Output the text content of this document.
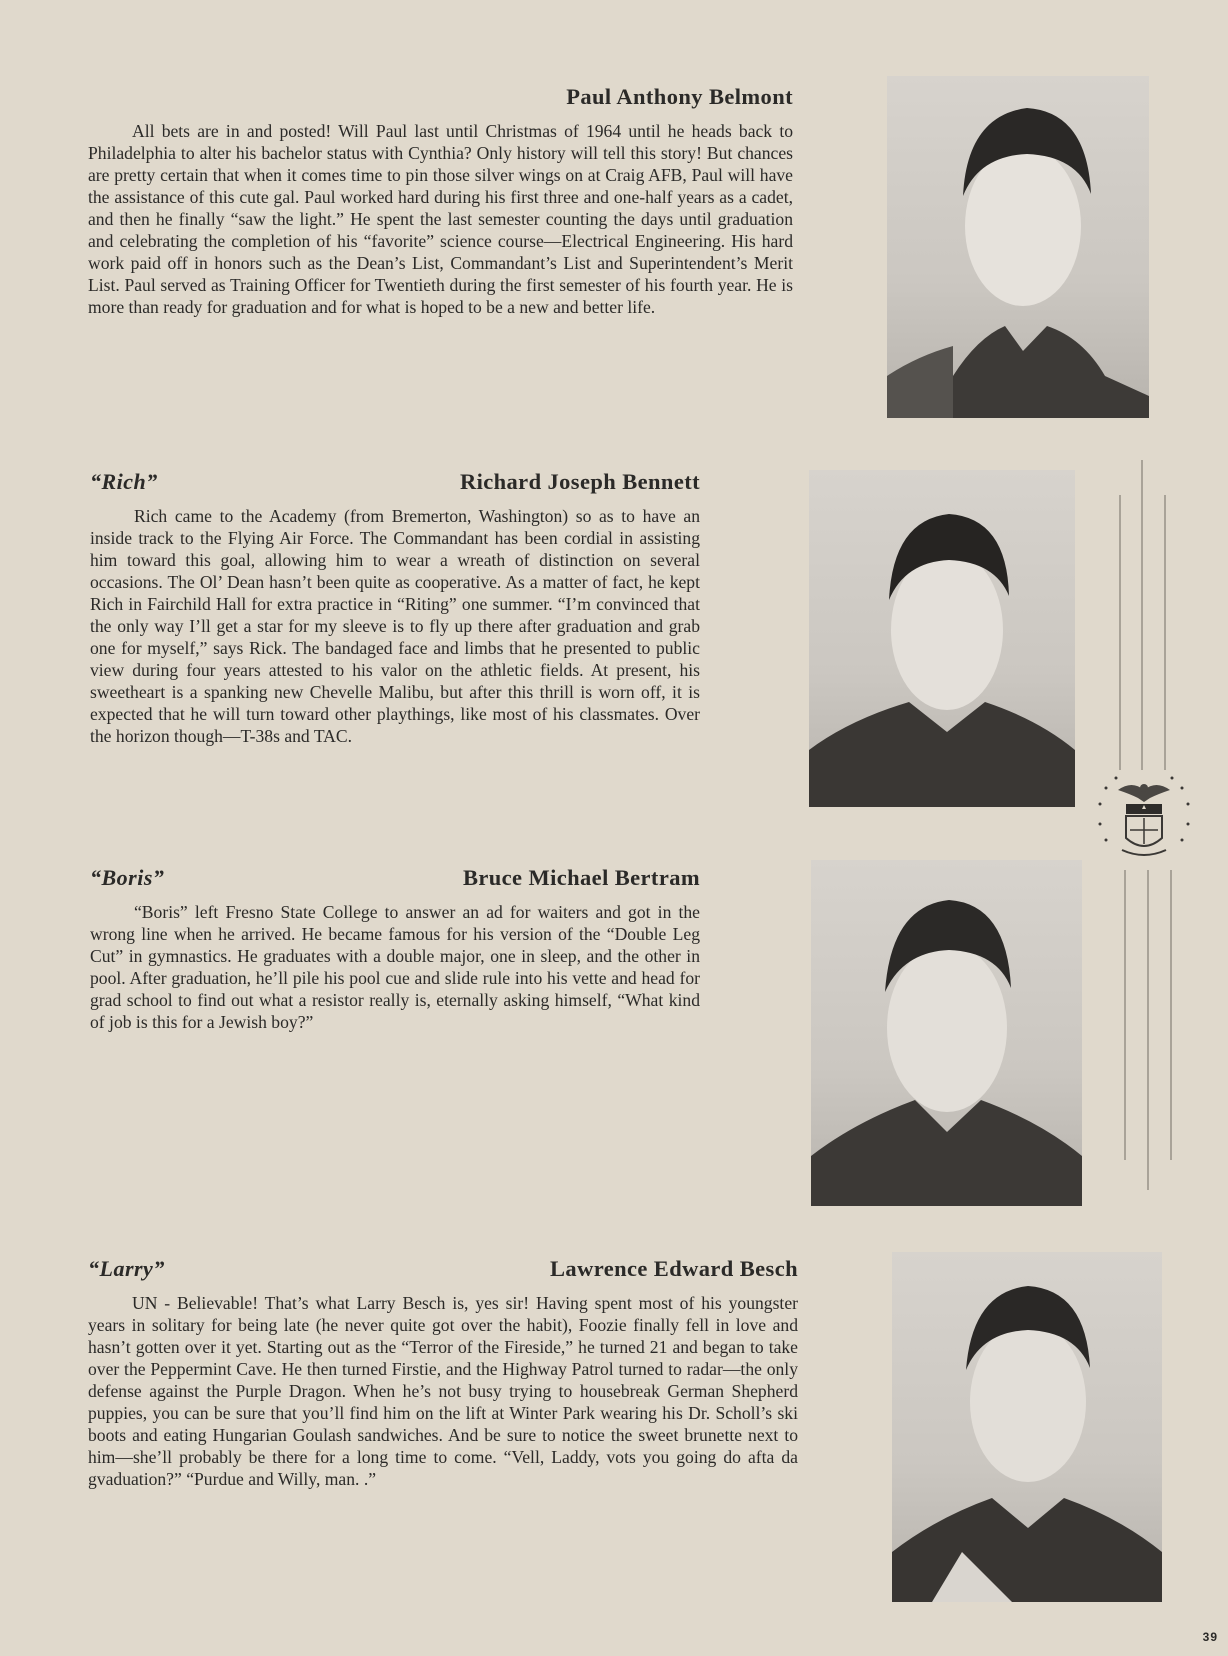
Paul Anthony Belmont

All bets are in and posted! Will Paul last until Christmas of 1964 until he heads back to Philadelphia to alter his bachelor status with Cynthia? Only history will tell this story! But chances are pretty certain that when it comes time to pin those silver wings on at Craig AFB, Paul will have the assistance of this cute gal. Paul worked hard during his first three and one-half years as a cadet, and then he finally “saw the light.” He spent the last semester counting the days until graduation and celebrating the completion of his “favorite” science course—Electrical Engineering. His hard work paid off in honors such as the Dean’s List, Commandant’s List and Superintendent’s Merit List. Paul served as Training Officer for Twentieth during the first semester of his fourth year. He is more than ready for graduation and for what is hoped to be a new and better life.

“Rich”	Richard Joseph Bennett

Rich came to the Academy (from Bremerton, Washington) so as to have an inside track to the Flying Air Force. The Commandant has been cordial in assisting him toward this goal, allowing him to wear a wreath of distinction on several occasions. The Ol’ Dean hasn’t been quite as cooperative. As a matter of fact, he kept Rich in Fairchild Hall for extra practice in “Riting” one summer. “I’m convinced that the only way I’ll get a star for my sleeve is to fly up there after graduation and grab one for myself,” says Rick. The bandaged face and limbs that he presented to public view during four years attested to his valor on the athletic fields. At present, his sweetheart is a spanking new Chevelle Malibu, but after this thrill is worn off, it is expected that he will turn toward other playthings, like most of his classmates. Over the horizon though—T-38s and TAC.

“Boris”	Bruce Michael Bertram

“Boris” left Fresno State College to answer an ad for waiters and got in the wrong line when he arrived. He became famous for his version of the “Double Leg Cut” in gymnastics. He graduates with a double major, one in sleep, and the other in pool. After graduation, he’ll pile his pool cue and slide rule into his vette and head for grad school to find out what a resistor really is, eternally asking himself, “What kind of job is this for a Jewish boy?”

“Larry”	Lawrence Edward Besch

UN - Believable! That’s what Larry Besch is, yes sir! Having spent most of his youngster years in solitary for being late (he never quite got over the habit), Foozie finally fell in love and hasn’t gotten over it yet. Starting out as the “Terror of the Fireside,” he turned 21 and began to take over the Peppermint Cave. He then turned Firstie, and the Highway Patrol turned to radar—the only defense against the Purple Dragon. When he’s not busy trying to housebreak German Shepherd puppies, you can be sure that you’ll find him on the lift at Winter Park wearing his Dr. Scholl’s ski boots and eating Hungarian Goulash sandwiches. And be sure to notice the sweet brunette next to him—she’ll probably be there for a long time to come. “Vell, Laddy, vots you going do afta da gvaduation?” “Purdue and Willy, man. .”

39
